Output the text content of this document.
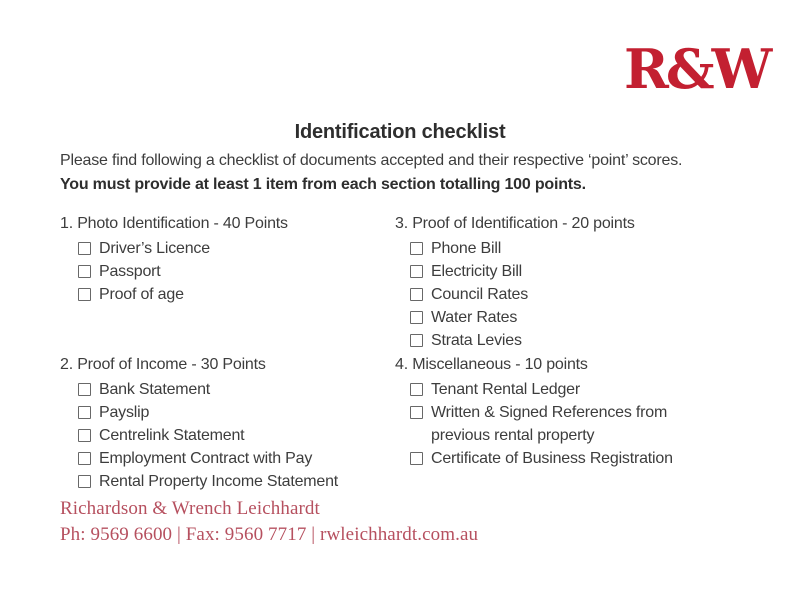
R&W
Identification checklist

Please find following a checklist of documents accepted and their respective ‘point’ scores.

You must provide at least 1 item from each section totalling 100 points.

1. Photo Identification - 40 Points
Driver’s Licence
Passport
Proof of age
3. Proof of Identification - 20 points
Phone Bill
Electricity Bill
Council Rates
Water Rates
Strata Levies
2. Proof of Income - 30 Points
Bank Statement
Payslip
Centrelink Statement
Employment Contract with Pay
Rental Property Income Statement
4. Miscellaneous - 10 points
Tenant Rental Ledger
Written & Signed References from previous rental property
Certificate of Business Registration
Richardson & Wrench Leichhardt
Ph: 9569 6600 | Fax: 9560 7717 | rwleichhardt.com.au
